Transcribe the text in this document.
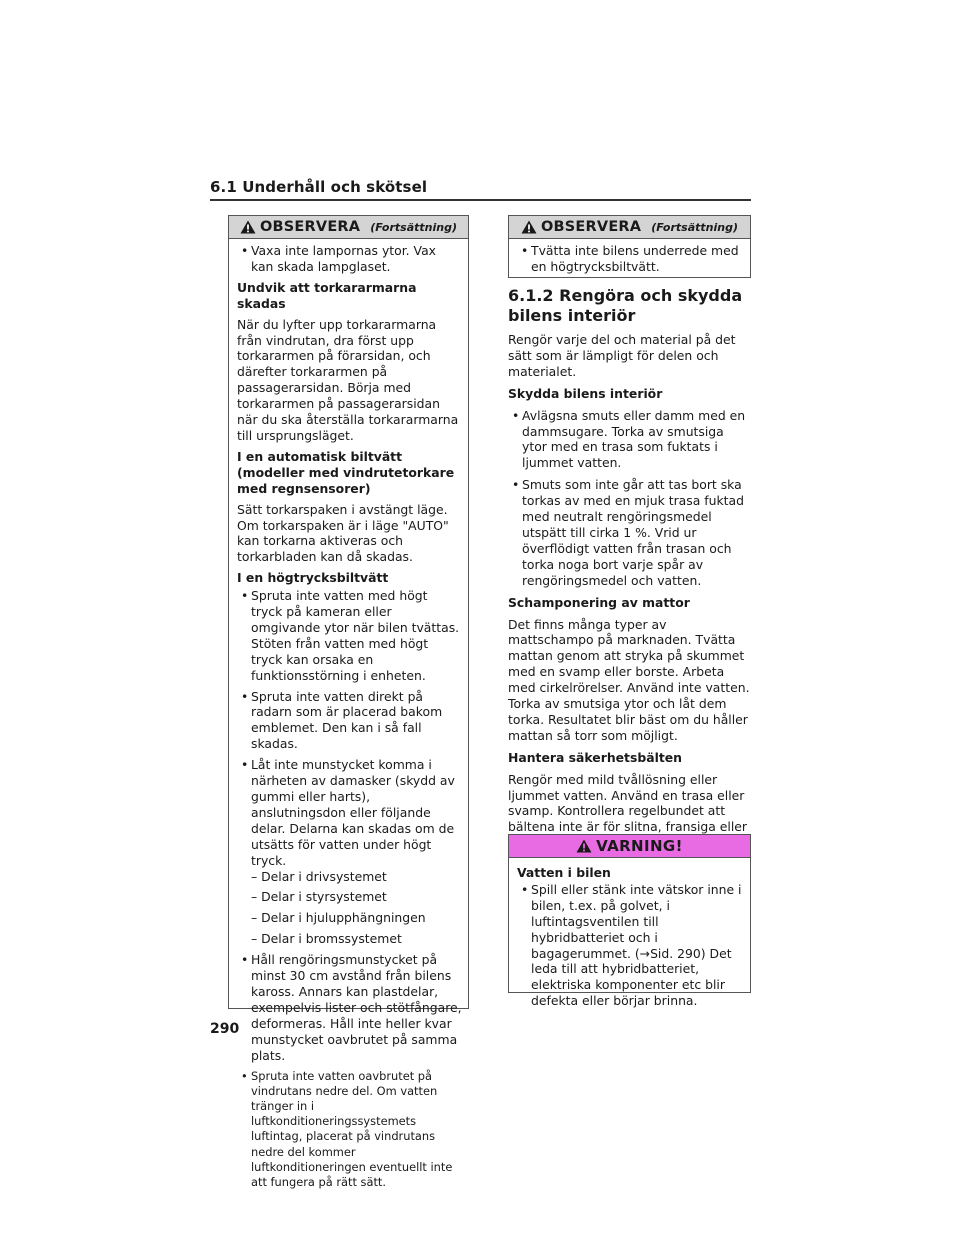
6.1 Underhåll och skötsel
OBSERVERA (Fortsättning)

• Vaxa inte lampornas ytor. Vax kan skada lampglaset.

Undvik att torkararmarna skadas

När du lyfter upp torkararmarna från vindrutan, dra först upp torkararmen på förarsidan, och därefter torkararmen på passagerarsidan. Börja med torkararmen på passagerarsidan när du ska återställa torkararmarna till ursprungsläget.

I en automatisk biltvätt (modeller med vindrutetorkare med regnsensorer)

Sätt torkarspaken i avstängt läge. Om torkarspaken är i läge "AUTO" kan torkarna aktiveras och torkarbladen kan då skadas.

I en högtrycksbiltvätt

• Spruta inte vatten med högt tryck på kameran eller omgivande ytor när bilen tvättas. Stöten från vatten med högt tryck kan orsaka en funktionsstörning i enheten.

• Spruta inte vatten direkt på radarn som är placerad bakom emblemet. Den kan i så fall skadas.

• Låt inte munstycket komma i närheten av damasker (skydd av gummi eller harts), anslutningsdon eller följande delar. Delarna kan skadas om de utsätts för vatten under högt tryck.

– Delar i drivsystemet

– Delar i styrsystemet

– Delar i hjulupphängningen

– Delar i bromssystemet

• Håll rengöringsmunstycket på minst 30 cm avstånd från bilens kaross. Annars kan plastdelar, exempelvis lister och stötfångare, deformeras. Håll inte heller kvar munstycket oavbrutet på samma plats.

• Spruta inte vatten oavbrutet på vindrutans nedre del. Om vatten tränger in i luftkonditioneringssystemets luftintag, placerat på vindrutans nedre del kommer luftkonditioneringen eventuellt inte att fungera på rätt sätt.

OBSERVERA (Fortsättning)

• Tvätta inte bilens underrede med en högtrycksbiltvätt.

6.1.2 Rengöra och skydda bilens interiör

Rengör varje del och material på det sätt som är lämpligt för delen och materialet.

Skydda bilens interiör

• Avlägsna smuts eller damm med en dammsugare. Torka av smutsiga ytor med en trasa som fuktats i ljummet vatten.

• Smuts som inte går att tas bort ska torkas av med en mjuk trasa fuktad med neutralt rengöringsmedel utspätt till cirka 1 %. Vrid ur överflödigt vatten från trasan och torka noga bort varje spår av rengöringsmedel och vatten.

Schamponering av mattor

Det finns många typer av mattschampo på marknaden. Tvätta mattan genom att stryka på skummet med en svamp eller borste. Arbeta med cirkelrörelser. Använd inte vatten. Torka av smutsiga ytor och låt dem torka. Resultatet blir bäst om du håller mattan så torr som möjligt.

Hantera säkerhetsbälten

Rengör med mild tvållösning eller ljummet vatten. Använd en trasa eller svamp. Kontrollera regelbundet att bältena inte är för slitna, fransiga eller

VARNING!

Vatten i bilen

• Spill eller stänk inte vätskor inne i bilen, t.ex. på golvet, i luftintagsventilen till hybridbatteriet och i bagagerummet. (→Sid. 290) Det leda till att hybridbatteriet, elektriska komponenter etc blir defekta eller börjar brinna.

290
